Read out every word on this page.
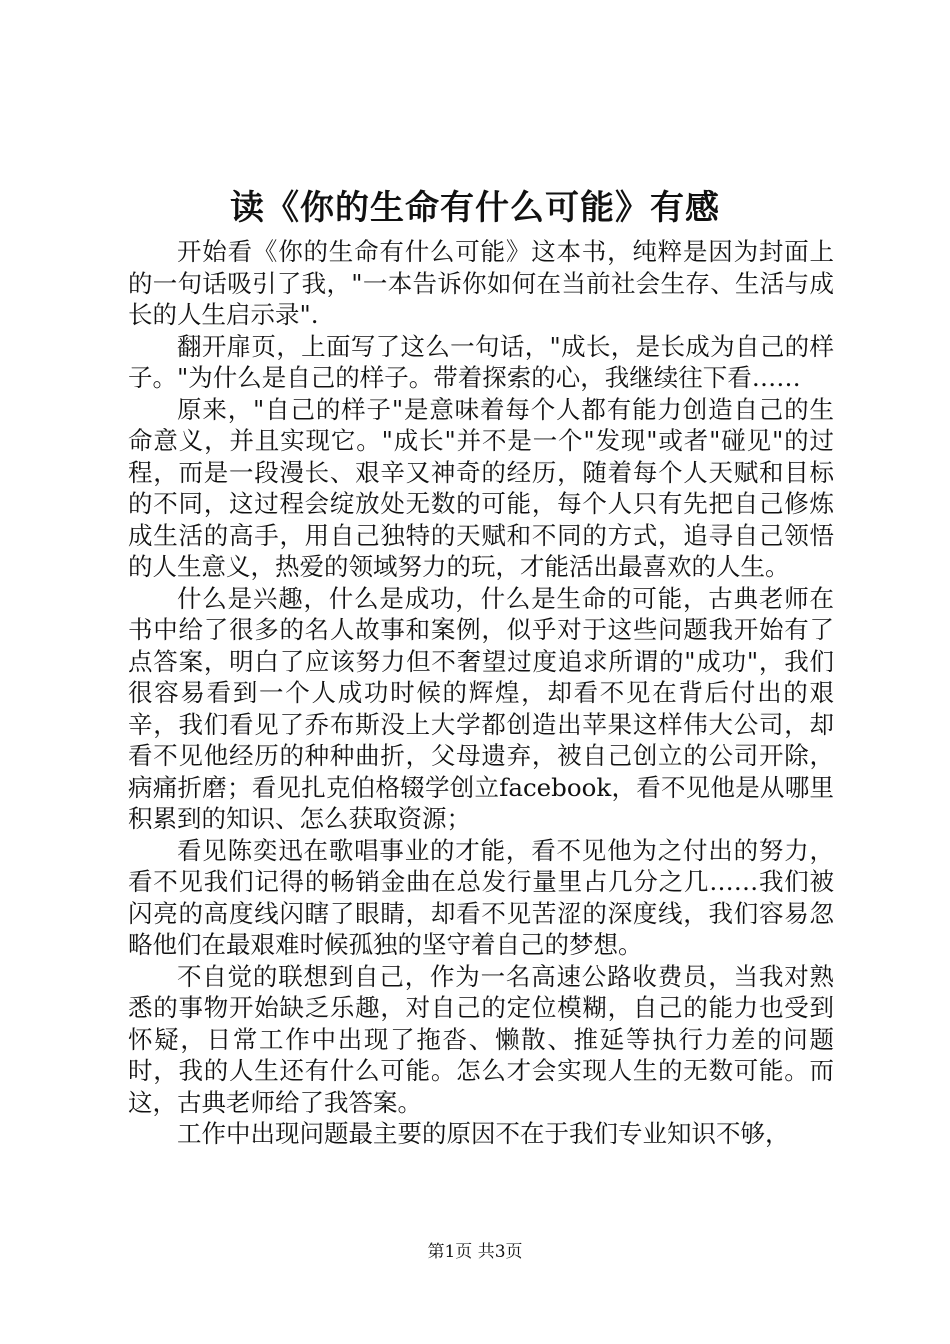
读《你的生命有什么可能》有感

开始看《你的生命有什么可能》这本书，纯粹是因为封面上的一句话吸引了我，"一本告诉你如何在当前社会生存、生活与成长的人生启示录".

翻开扉页，上面写了这么一句话，"成长，是长成为自己的样子。"为什么是自己的样子。带着探索的心，我继续往下看……

原来，"自己的样子"是意味着每个人都有能力创造自己的生命意义，并且实现它。"成长"并不是一个"发现"或者"碰见"的过程，而是一段漫长、艰辛又神奇的经历，随着每个人天赋和目标的不同，这过程会绽放处无数的可能，每个人只有先把自己修炼成生活的高手，用自己独特的天赋和不同的方式，追寻自己领悟的人生意义，热爱的领域努力的玩，才能活出最喜欢的人生。

什么是兴趣，什么是成功，什么是生命的可能，古典老师在书中给了很多的名人故事和案例，似乎对于这些问题我开始有了点答案，明白了应该努力但不奢望过度追求所谓的"成功"，我们很容易看到一个人成功时候的辉煌，却看不见在背后付出的艰辛，我们看见了乔布斯没上大学都创造出苹果这样伟大公司，却看不见他经历的种种曲折，父母遗弃，被自己创立的公司开除，病痛折磨；看见扎克伯格辍学创立facebook，看不见他是从哪里积累到的知识、怎么获取资源；

看见陈奕迅在歌唱事业的才能，看不见他为之付出的努力，看不见我们记得的畅销金曲在总发行量里占几分之几……我们被闪亮的高度线闪瞎了眼睛，却看不见苦涩的深度线，我们容易忽略他们在最艰难时候孤独的坚守着自己的梦想。

不自觉的联想到自己，作为一名高速公路收费员，当我对熟悉的事物开始缺乏乐趣，对自己的定位模糊，自己的能力也受到怀疑，日常工作中出现了拖沓、懒散、推延等执行力差的问题时，我的人生还有什么可能。怎么才会实现人生的无数可能。而这，古典老师给了我答案。

工作中出现问题最主要的原因不在于我们专业知识不够，

第1页 共3页
